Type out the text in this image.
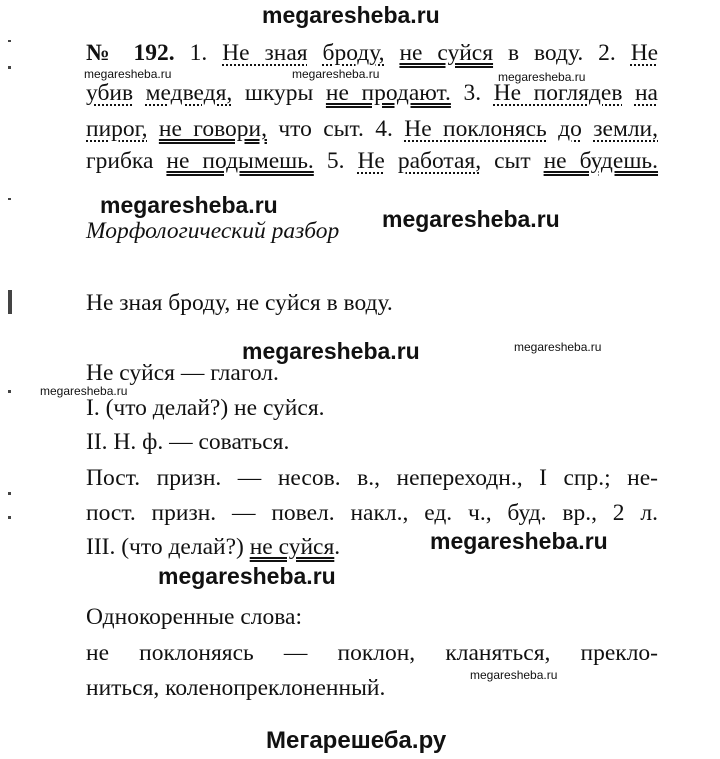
megaresheba.ru
№ 192. 1. Не зная броду, не суйся в воду. 2. Не
убив медведя, шкуры не продают. 3. Не поглядев на
пирог, не говори, что сыт. 4. Не поклонясь до земли,
грибка не подымешь. 5. Не работая, сыт не будешь.
megaresheba.ru	megaresheba.ru	megaresheba.ru
megaresheba.ru
megaresheba.ru
megaresheba.ru
megaresheba.ru
megaresheba.ru
megaresheba.ru
megaresheba.ru
megaresheba.ru
Морфологический разбор
Не зная броду, не суйся в воду.
Не суйся — глагол.
I. (что делай?) не суйся.
II. Н. ф. — соваться.
Пост. призн. — несов. в., непереходн., I спр.; не-
пост. призн. — повел. накл., ед. ч., буд. вр., 2 л.
III. (что делай?) не суйся.
Однокоренные слова:
не поклоняясь — поклон, кланяться, прекло-
ниться, коленопреклоненный.
Мегарешеба.ру
